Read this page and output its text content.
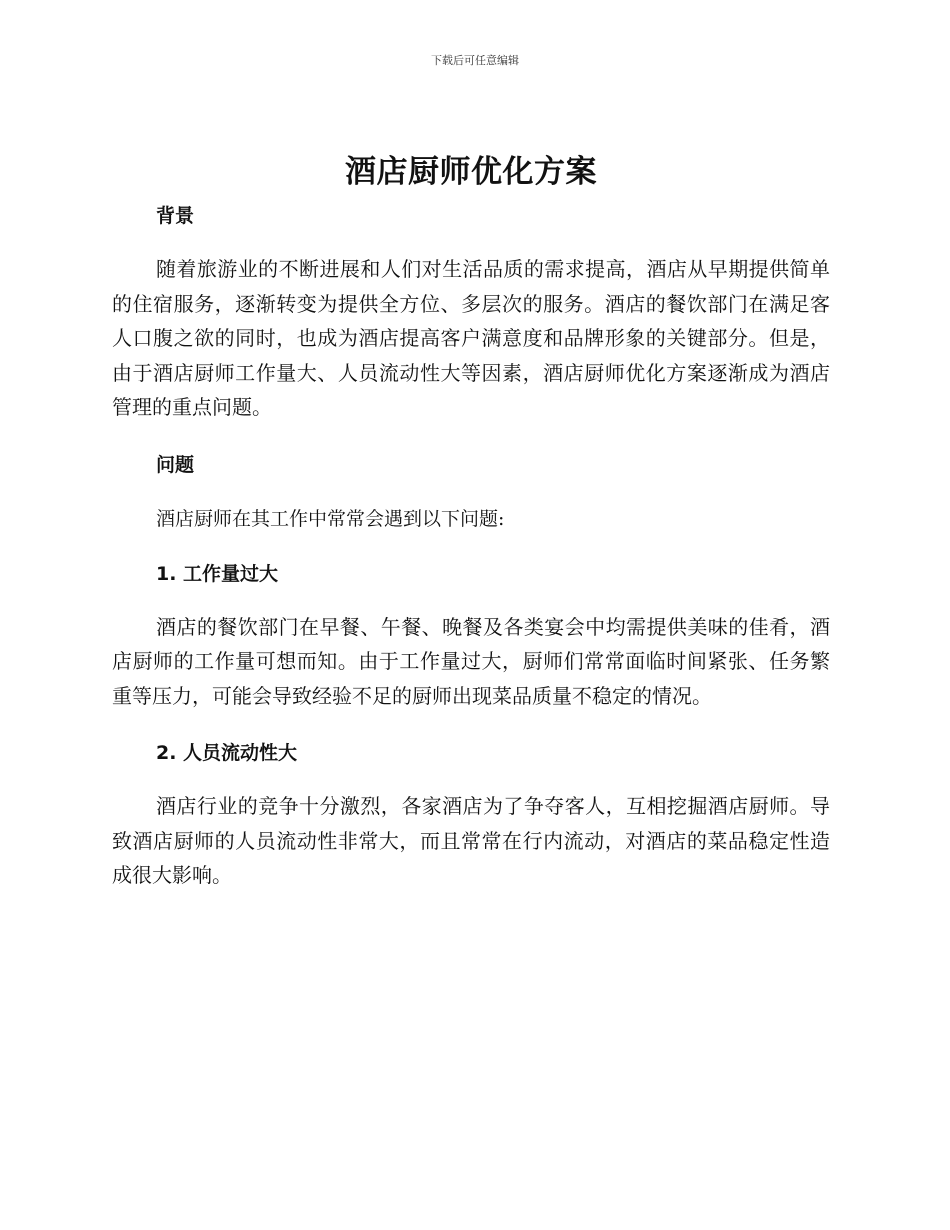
下载后可任意编辑
酒店厨师优化方案
背景

随着旅游业的不断进展和人们对生活品质的需求提高，酒店从早期提供简单的住宿服务，逐渐转变为提供全方位、多层次的服务。酒店的餐饮部门在满足客人口腹之欲的同时，也成为酒店提高客户满意度和品牌形象的关键部分。但是，由于酒店厨师工作量大、人员流动性大等因素，酒店厨师优化方案逐渐成为酒店管理的重点问题。

问题

酒店厨师在其工作中常常会遇到以下问题:

1. 工作量过大

酒店的餐饮部门在早餐、午餐、晚餐及各类宴会中均需提供美味的佳肴，酒店厨师的工作量可想而知。由于工作量过大，厨师们常常面临时间紧张、任务繁重等压力，可能会导致经验不足的厨师出现菜品质量不稳定的情况。

2. 人员流动性大

酒店行业的竞争十分激烈，各家酒店为了争夺客人，互相挖掘酒店厨师。导致酒店厨师的人员流动性非常大，而且常常在行内流动，对酒店的菜品稳定性造成很大影响。
